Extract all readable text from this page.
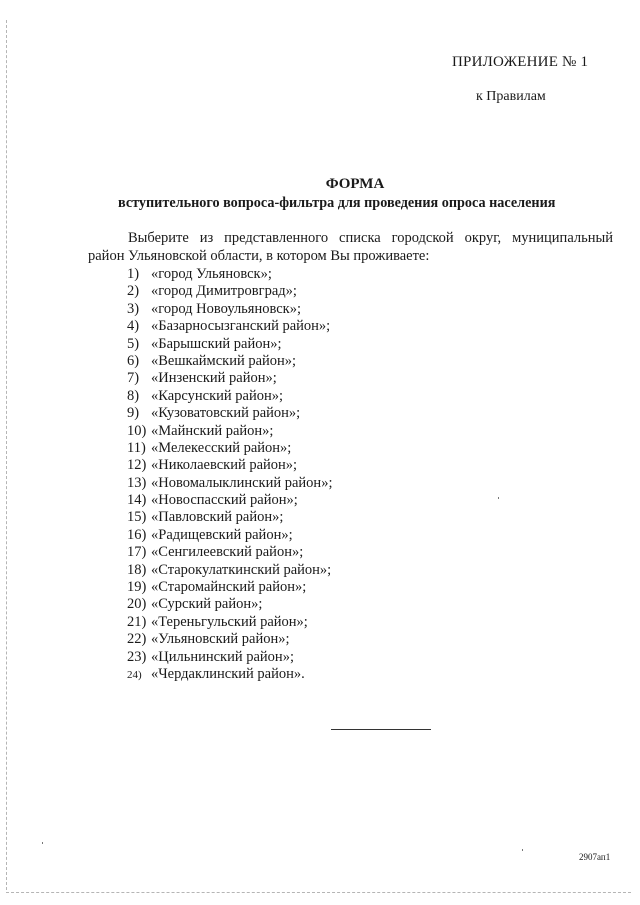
ПРИЛОЖЕНИЕ № 1
к Правилам
ФОРМА
вступительного вопроса-фильтра для проведения опроса населения
Выберите из представленного списка городской округ, муниципальный
район Ульяновской области, в котором Вы проживаете:
1) «город Ульяновск»;
2) «город Димитровград»;
3) «город Новоульяновск»;
4) «Базарносызганский район»;
5) «Барышский район»;
6) «Вешкаймский район»;
7) «Инзенский район»;
8) «Карсунский район»;
9) «Кузоватовский район»;
10) «Майнский район»;
11) «Мелекесский район»;
12) «Николаевский район»;
13) «Новомалыклинский район»;
14) «Новоспасский район»;
15) «Павловский район»;
16) «Радищевский район»;
17) «Сенгилеевский район»;
18) «Старокулаткинский район»;
19) «Старомайнский район»;
20) «Сурский район»;
21) «Тереньгульский район»;
22) «Ульяновский район»;
23) «Цильнинский район»;
24) «Чердаклинский район».
2907ап1
